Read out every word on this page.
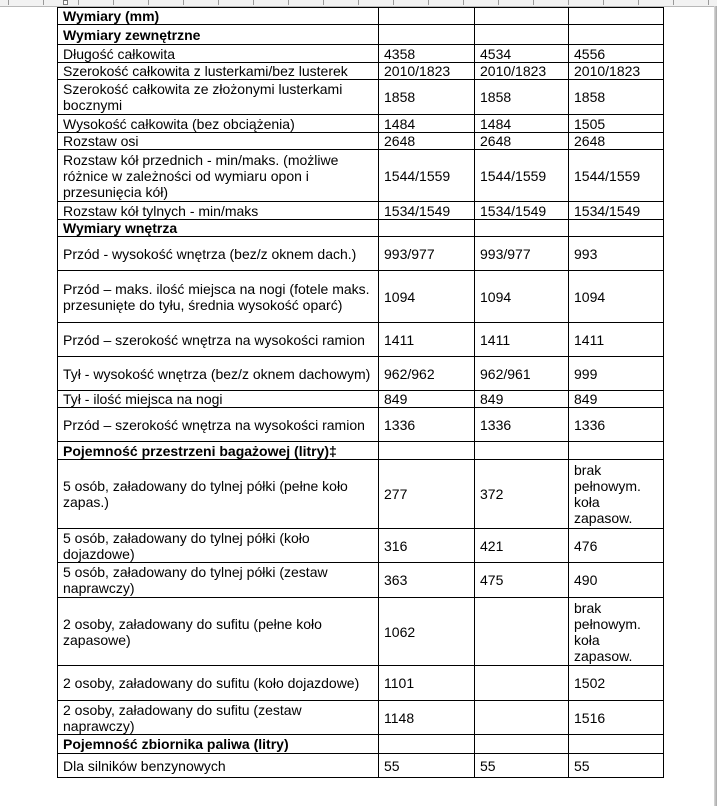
Wymiary (mm)			
Wymiary zewnętrzne			
Długość całkowita	4358	4534	4556
Szerokość całkowita z lusterkami/bez lusterek	2010/1823	2010/1823	2010/1823
Szerokość całkowita ze złożonymi lusterkami bocznymi	1858	1858	1858
Wysokość całkowita (bez obciążenia)	1484	1484	1505
Rozstaw osi	2648	2648	2648
Rozstaw kół przednich - min/maks. (możliwe różnice w zależności od wymiaru opon i przesunięcia kół)	1544/1559	1544/1559	1544/1559
Rozstaw kół tylnych - min/maks	1534/1549	1534/1549	1534/1549
Wymiary wnętrza			
Przód - wysokość wnętrza (bez/z oknem dach.)	993/977	993/977	993
Przód – maks. ilość miejsca na nogi (fotele maks. przesunięte do tyłu, średnia wysokość oparć)	1094	1094	1094
Przód – szerokość wnętrza na wysokości ramion	1411	1411	1411
Tył - wysokość wnętrza (bez/z oknem dachowym)	962/962	962/961	999
Tył - ilość miejsca na nogi	849	849	849
Przód – szerokość wnętrza na wysokości ramion	1336	1336	1336
Pojemność przestrzeni bagażowej (litry)‡			
5 osób, załadowany do tylnej półki (pełne koło zapas.)	277	372	brak pełnowym. koła zapasow.
5 osób, załadowany do tylnej półki (koło dojazdowe)	316	421	476
5 osób, załadowany do tylnej półki (zestaw naprawczy)	363	475	490
2 osoby, załadowany do sufitu (pełne koło zapasowe)	1062		brak pełnowym. koła zapasow.
2 osoby, załadowany do sufitu (koło dojazdowe)	1101		1502
2 osoby, załadowany do sufitu (zestaw naprawczy)	1148		1516
Pojemność zbiornika paliwa (litry)			
Dla silników benzynowych	55	55	55
